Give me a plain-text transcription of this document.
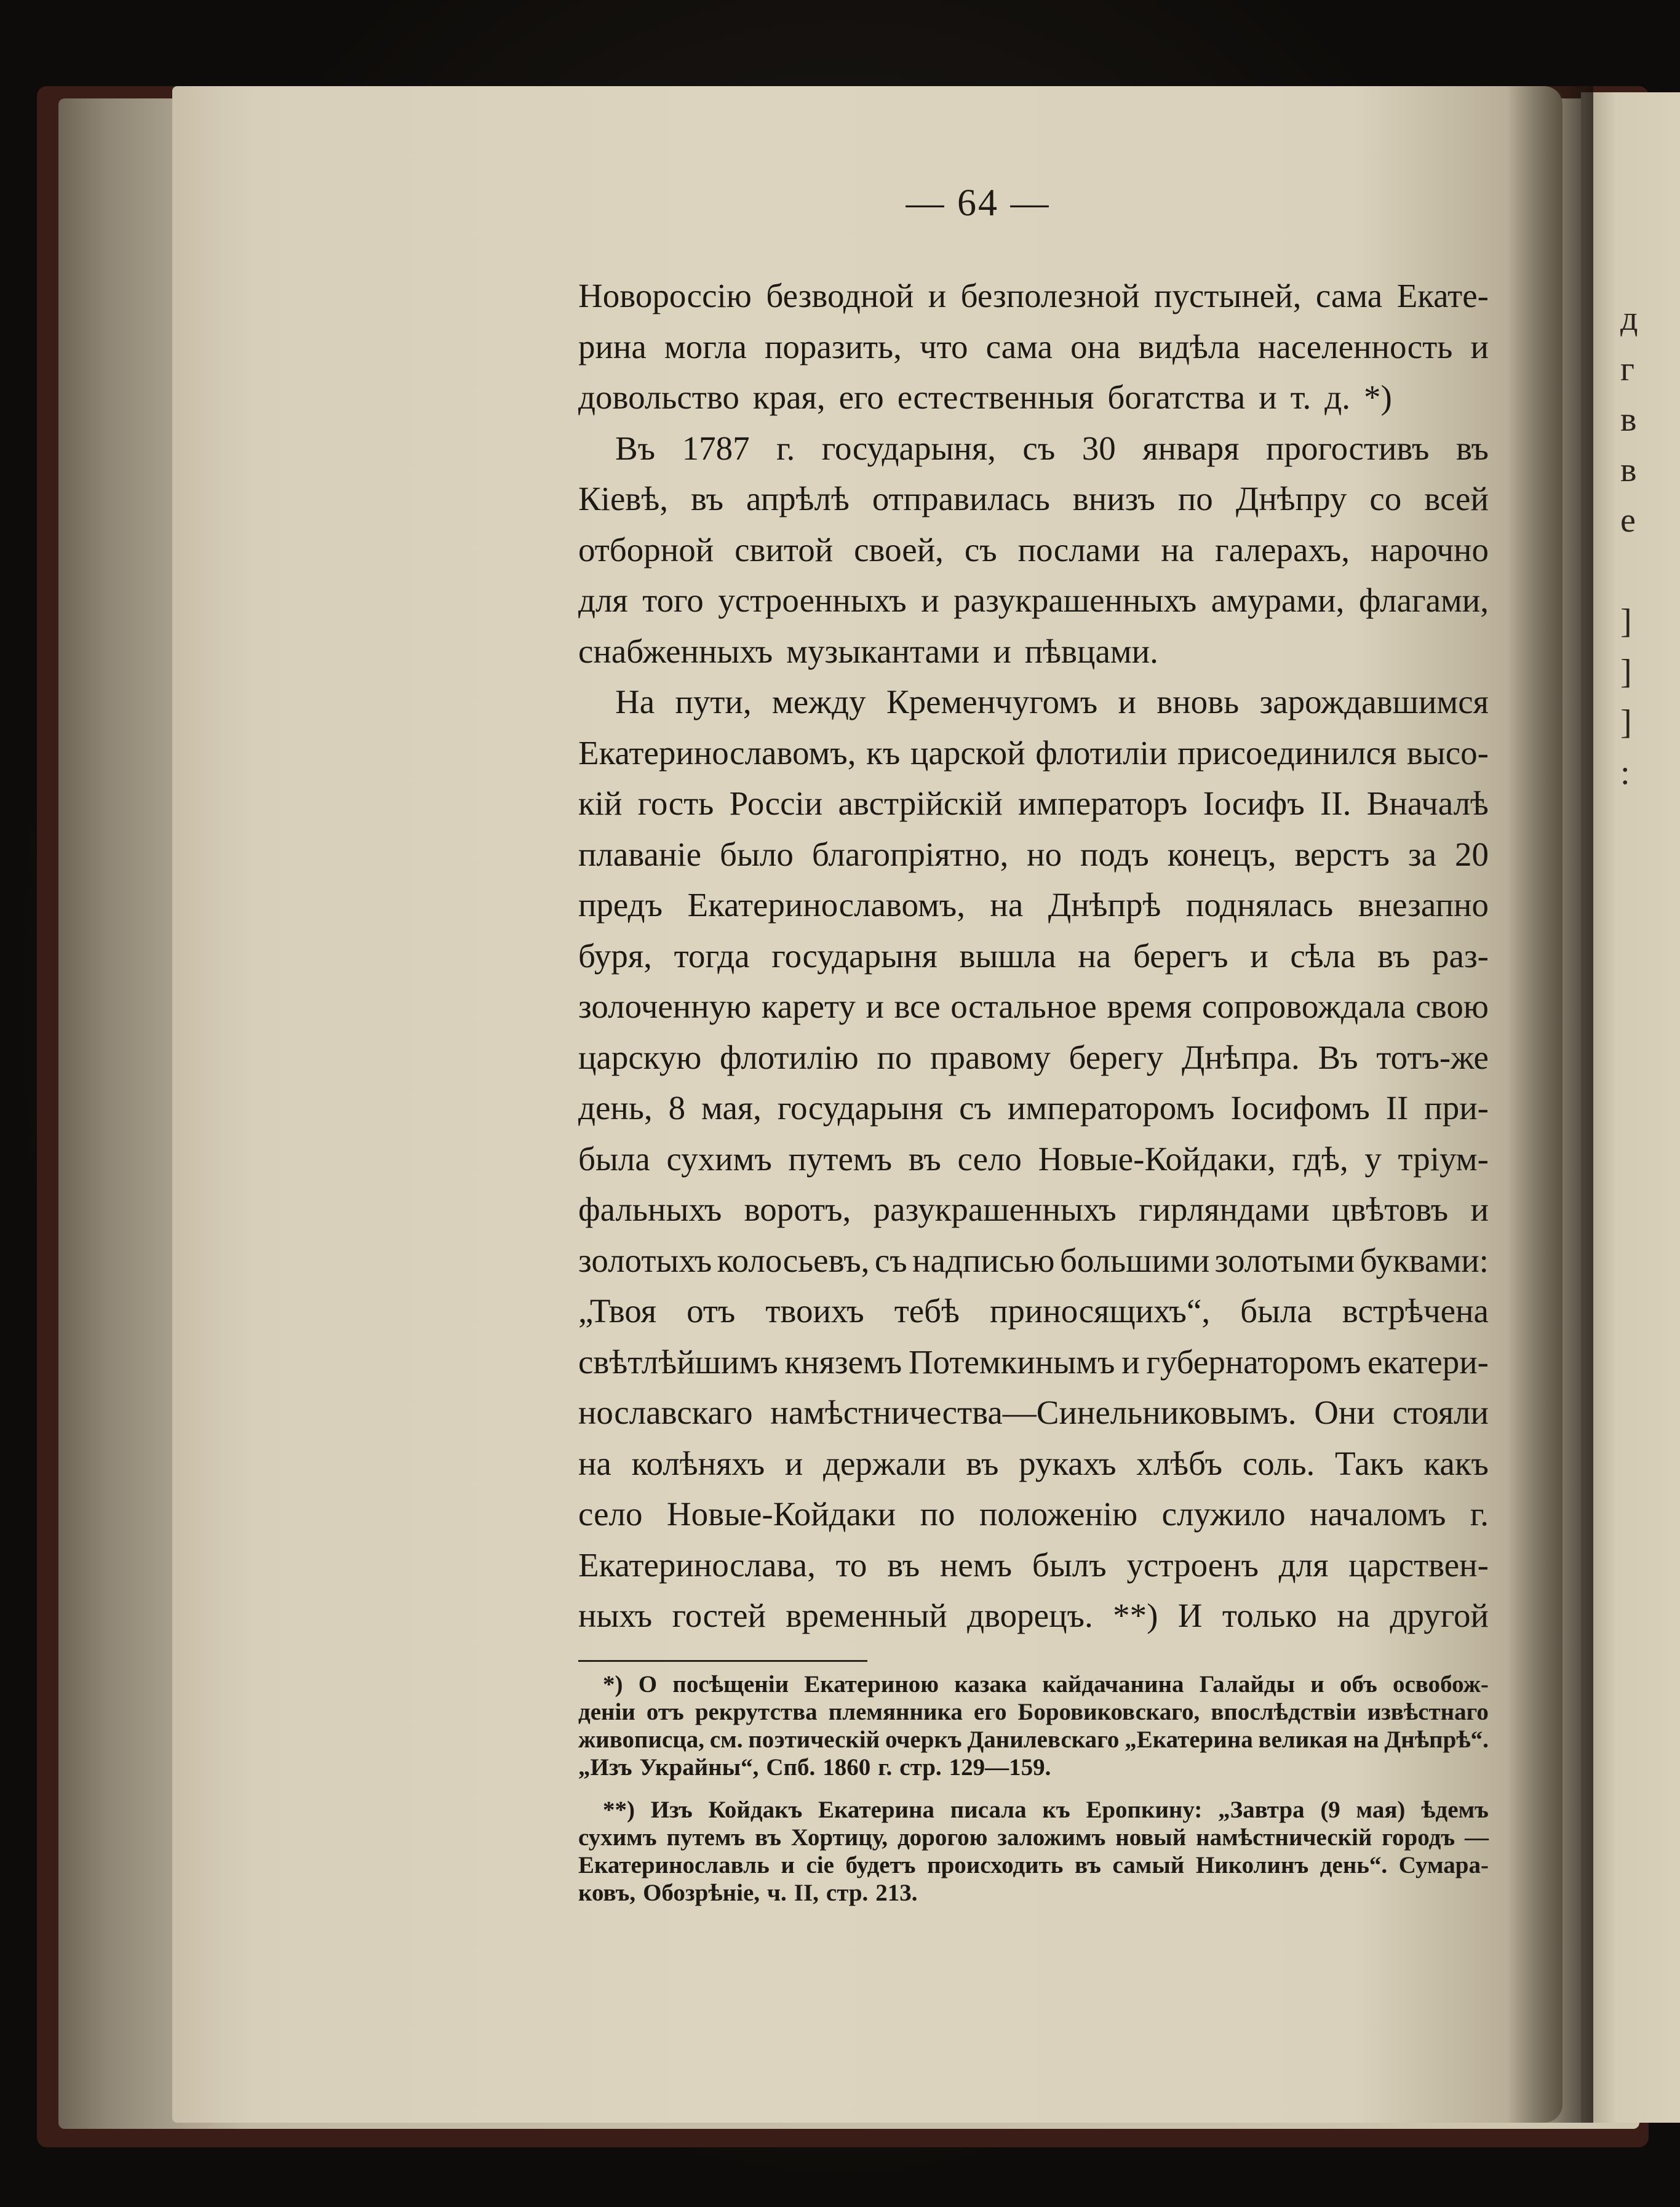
д
г
в
в
е
]
]
]
:
— 64 —
Новороссію безводной и безполезной пустыней, сама Екате-
рина могла поразить, что сама она видѣла населенность и
довольство края, его естественныя богатства и т. д. *)
Въ 1787 г. государыня, съ 30 января прогостивъ въ
Кіевѣ, въ апрѣлѣ отправилась внизъ по Днѣпру со всей
отборной свитой своей, съ послами на галерахъ, нарочно
для того устроенныхъ и разукрашенныхъ амурами, флагами,
снабженныхъ музыкантами и пѣвцами.
На пути, между Кременчугомъ и вновь зарождавшимся
Екатеринославомъ, къ царской флотиліи присоединился высо-
кій гость Россіи австрійскій императоръ Іосифъ II. Вначалѣ
плаваніе было благопріятно, но подъ конецъ, верстъ за 20
предъ Екатеринославомъ, на Днѣпрѣ поднялась внезапно
буря, тогда государыня вышла на берегъ и сѣла въ раз-
золоченную карету и все остальное время сопровождала свою
царскую флотилію по правому берегу Днѣпра. Въ тотъ-же
день, 8 мая, государыня съ императоромъ Іосифомъ II при-
была сухимъ путемъ въ село Новые-Койдаки, гдѣ, у тріум-
фальныхъ воротъ, разукрашенныхъ гирляндами цвѣтовъ и
золотыхъ колосьевъ, съ надписью большими золотыми буквами:
„Твоя отъ твоихъ тебѣ приносящихъ“, была встрѣчена
свѣтлѣйшимъ княземъ Потемкинымъ и губернаторомъ екатери-
нославскаго намѣстничества—Синельниковымъ. Они стояли
на колѣняхъ и держали въ рукахъ хлѣбъ соль. Такъ какъ
село Новые-Койдаки по положенію служило началомъ г.
Екатеринослава, то въ немъ былъ устроенъ для царствен-
ныхъ гостей временный дворецъ. **) И только на другой
*) О посѣщеніи Екатериною казака кайдачанина Галайды и объ освобож-
деніи отъ рекрутства племянника его Боровиковскаго, впослѣдствіи извѣстнаго
живописца, см. поэтическій очеркъ Данилевскаго „Екатерина великая на Днѣпрѣ“.
„Изъ Украйны“, Спб. 1860 г. стр. 129—159.
**) Изъ Койдакъ Екатерина писала къ Еропкину: „Завтра (9 мая) ѣдемъ
сухимъ путемъ въ Хортицу, дорогою заложимъ новый намѣстническій городъ —
Екатеринославль и сіе будетъ происходить въ самый Николинъ день“. Сумара-
ковъ, Обозрѣніе, ч. II, стр. 213.
